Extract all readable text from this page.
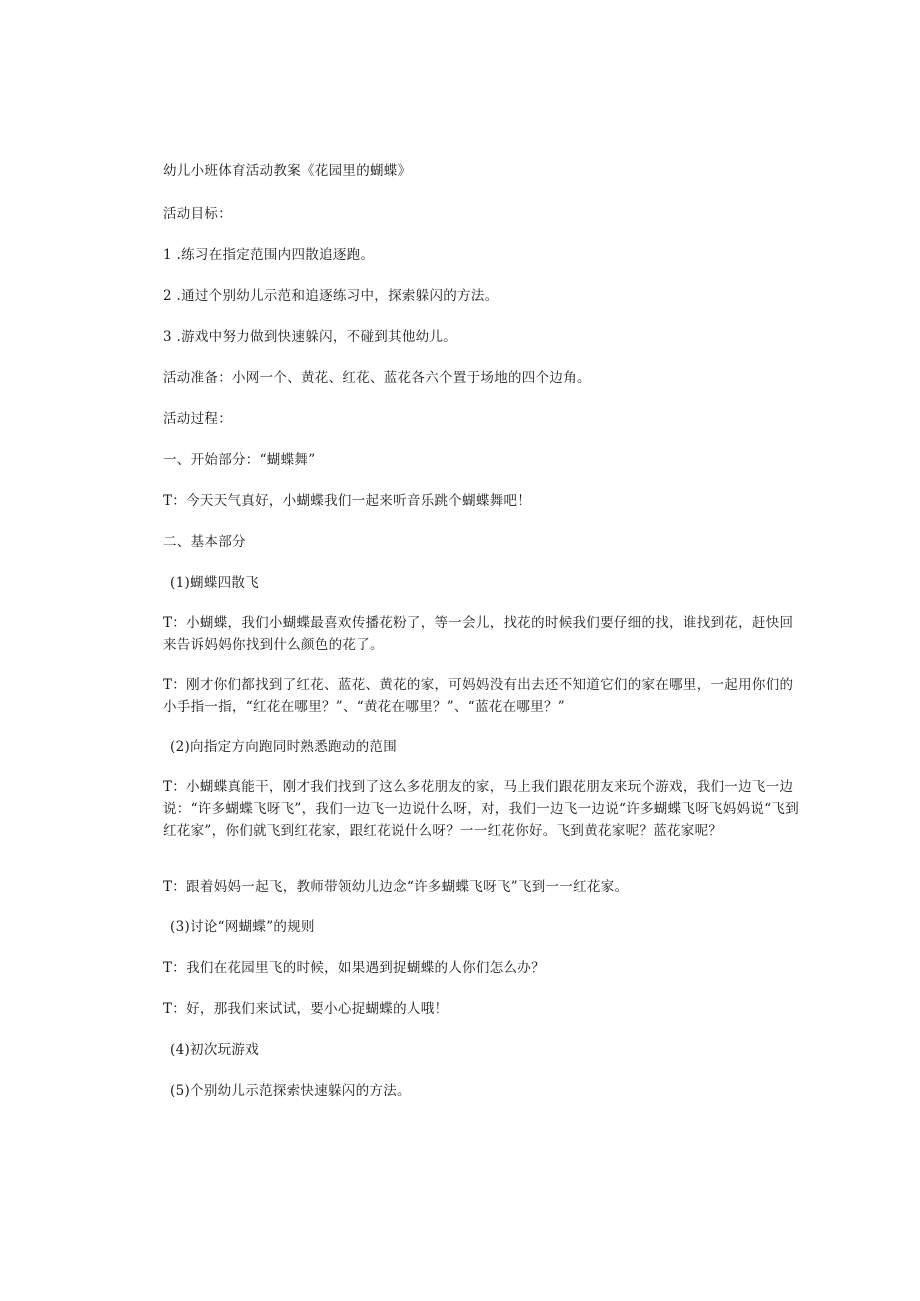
幼儿小班体育活动教案《花园里的蝴蝶》
活动目标：
1 .练习在指定范围内四散追逐跑。
2 .通过个别幼儿示范和追逐练习中，探索躲闪的方法。
3 .游戏中努力做到快速躲闪，不碰到其他幼儿。
活动准备：小网一个、黄花、红花、蓝花各六个置于场地的四个边角。
活动过程：
一、开始部分：“蝴蝶舞”
T：今天天气真好，小蝴蝶我们一起来听音乐跳个蝴蝶舞吧！
二、基本部分
(1)蝴蝶四散飞
T：小蝴蝶，我们小蝴蝶最喜欢传播花粉了，等一会儿，找花的时候我们要仔细的找，谁找到花，赶快回来告诉妈妈你找到什么颜色的花了。
T：刚才你们都找到了红花、蓝花、黄花的家，可妈妈没有出去还不知道它们的家在哪里，一起用你们的小手指一指，“红花在哪里？”、“黄花在哪里？”、“蓝花在哪里？”
(2)向指定方向跑同时熟悉跑动的范围
T：小蝴蝶真能干，刚才我们找到了这么多花朋友的家，马上我们跟花朋友来玩个游戏，我们一边飞一边说：“许多蝴蝶飞呀飞”，我们一边飞一边说什么呀，对，我们一边飞一边说“许多蝴蝶飞呀飞妈妈说“飞到红花家”，你们就飞到红花家，跟红花说什么呀？一一红花你好。飞到黄花家呢？蓝花家呢？
T：跟着妈妈一起飞，教师带领幼儿边念“许多蝴蝶飞呀飞”飞到一一红花家。
(3)讨论“网蝴蝶”的规则
T：我们在花园里飞的时候，如果遇到捉蝴蝶的人你们怎么办？
T：好，那我们来试试，要小心捉蝴蝶的人哦！
(4)初次玩游戏
(5)个别幼儿示范探索快速躲闪的方法。
